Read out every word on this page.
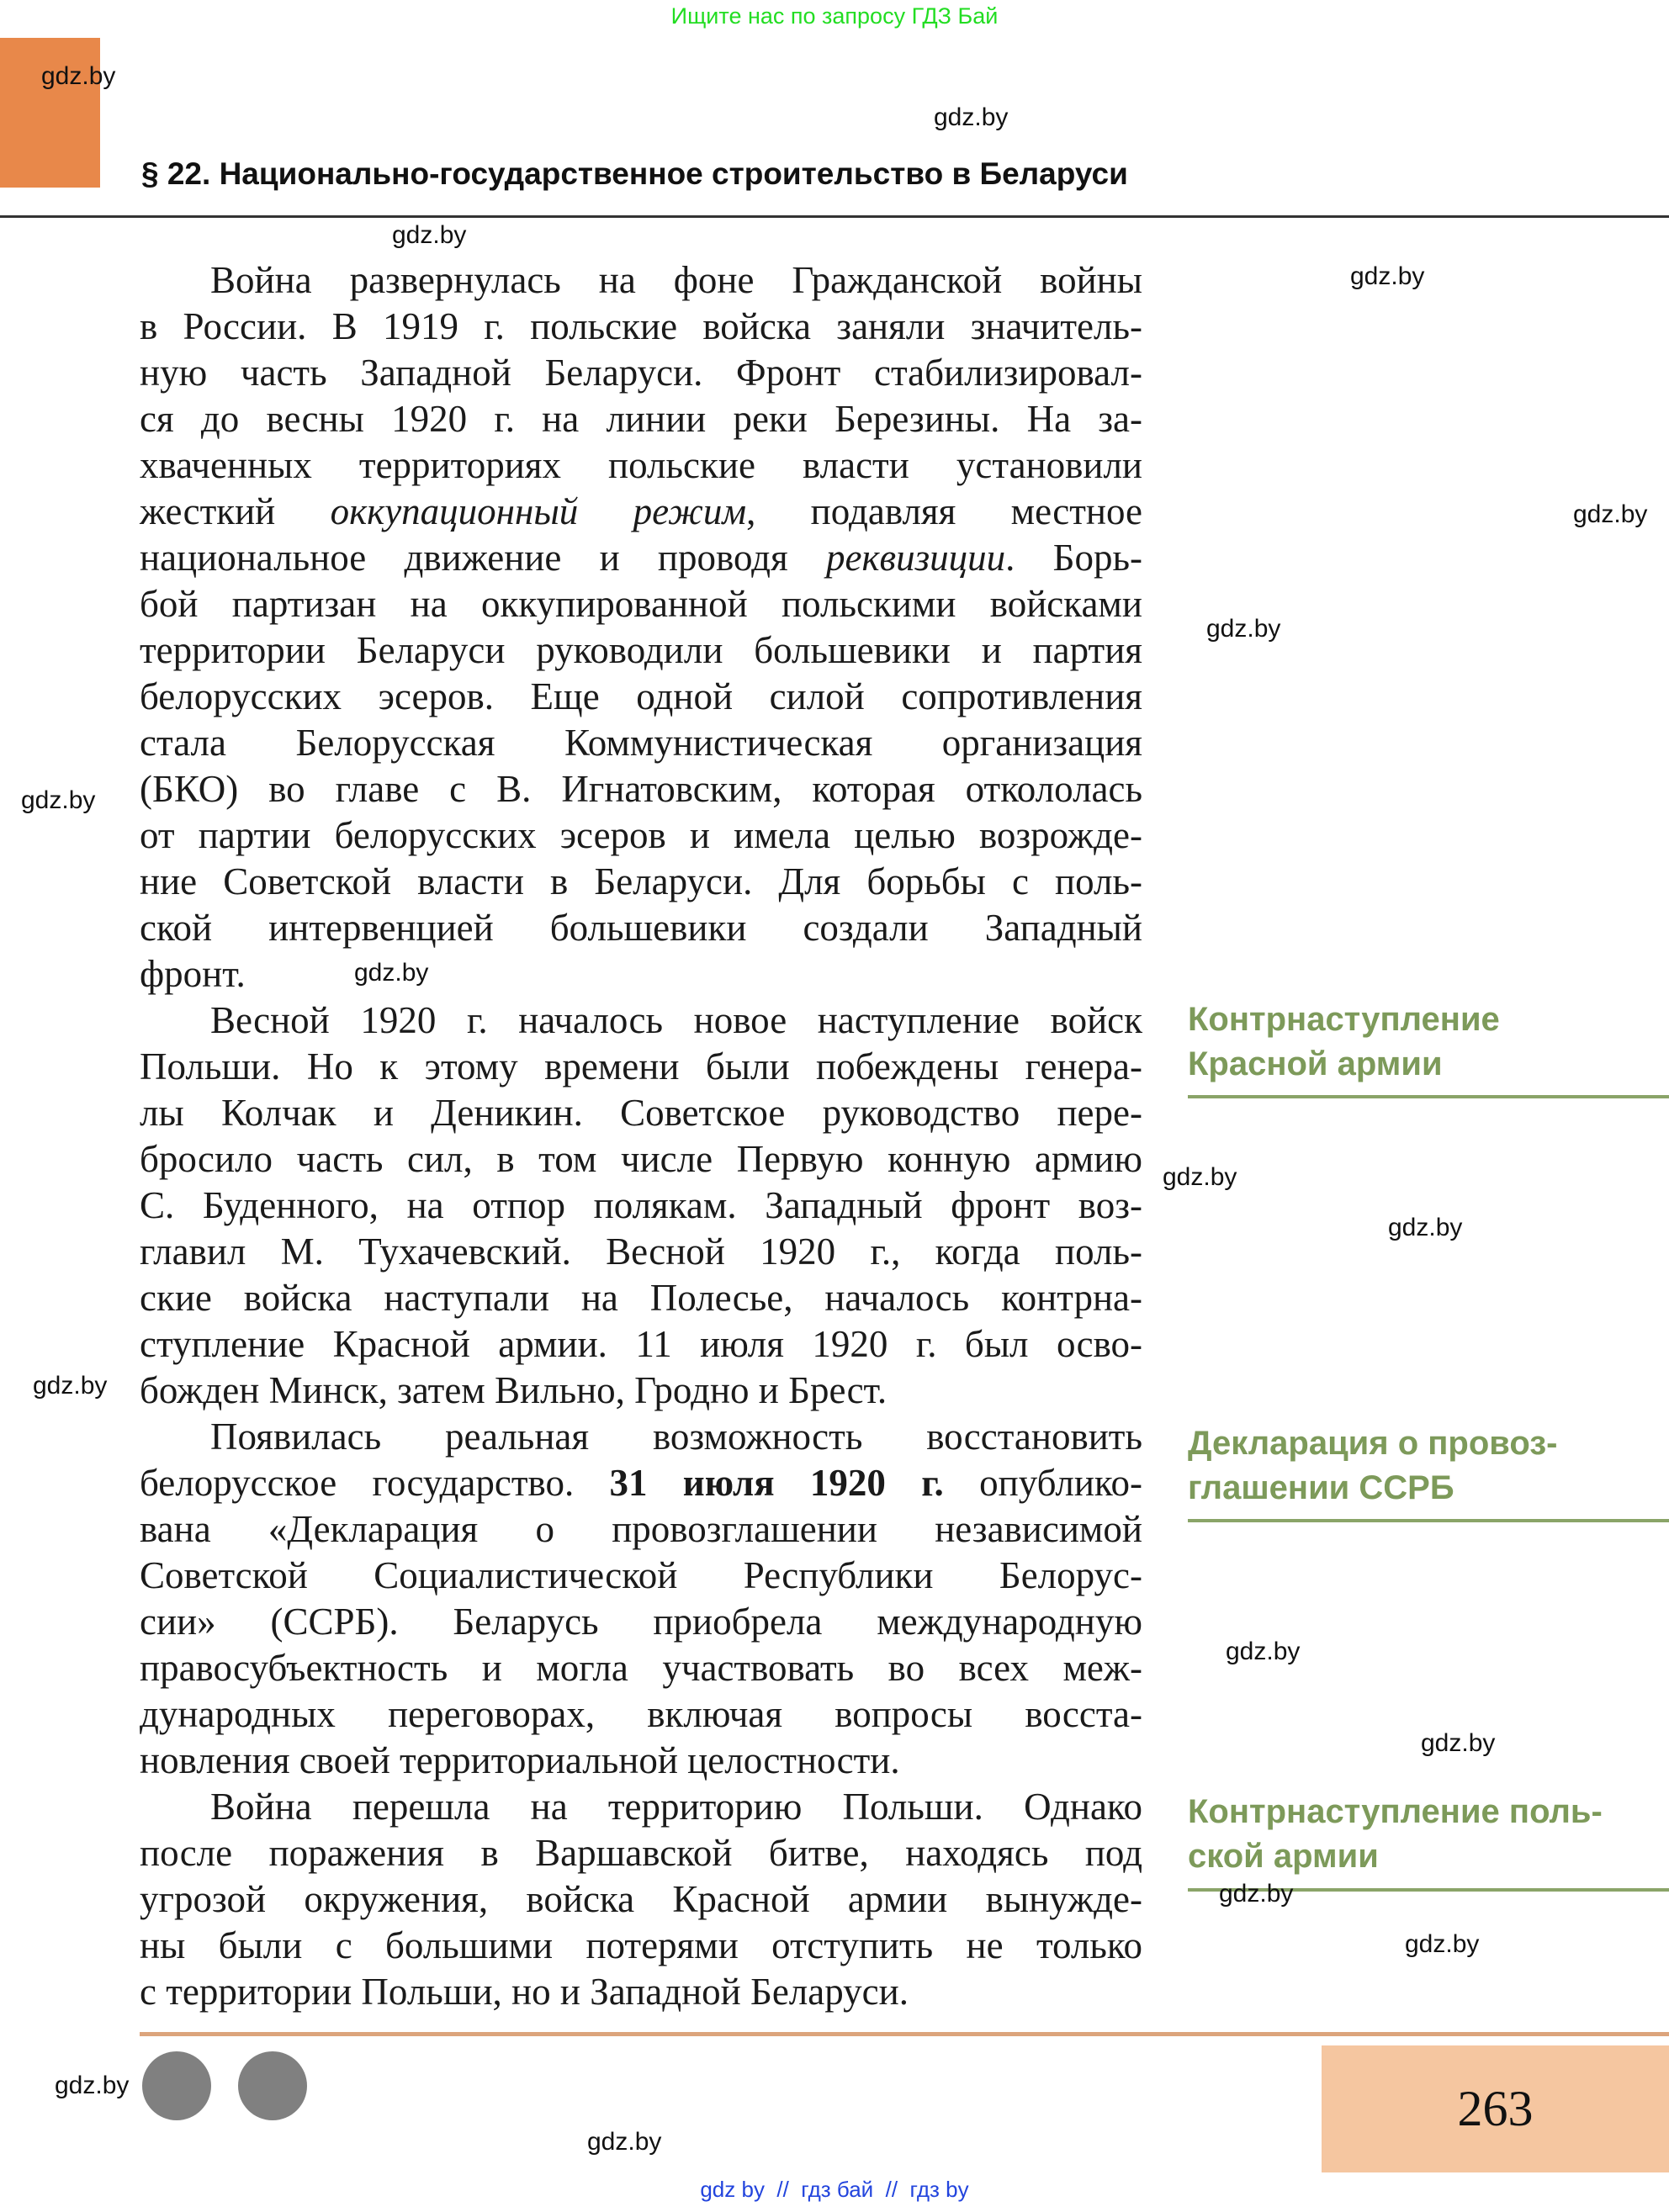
Ищите нас по запросу ГДЗ Бай
§ 22. Национально-государственное строительство в Беларуси
Война развернулась на фоне Гражданской войны
в России. В 1919 г. польские войска заняли значитель-
ную часть Западной Беларуси. Фронт стабилизировал-
ся до весны 1920 г. на линии реки Березины. На за-
хваченных территориях польские власти установили
жесткий оккупационный режим, подавляя местное
национальное движение и проводя реквизиции. Борь-
бой партизан на оккупированной польскими войсками
территории Беларуси руководили большевики и партия
белорусских эсеров. Еще одной силой сопротивления
стала Белорусская Коммунистическая организация
(БКО) во главе с В. Игнатовским, которая откололась
от партии белорусских эсеров и имела целью возрожде-
ние Советской власти в Беларуси. Для борьбы с поль-
ской интервенцией большевики создали Западный
фронт.
Весной 1920 г. началось новое наступление войск
Польши. Но к этому времени были побеждены генера-
лы Колчак и Деникин. Советское руководство пере-
бросило часть сил, в том числе Первую конную армию
С. Буденного, на отпор полякам. Западный фронт воз-
главил М. Тухачевский. Весной 1920 г., когда поль-
ские войска наступали на Полесье, началось контрна-
ступление Красной армии. 11 июля 1920 г. был осво-
божден Минск, затем Вильно, Гродно и Брест.
Появилась реальная возможность восстановить
белорусское государство. 31 июля 1920 г. опублико-
вана «Декларация о провозглашении независимой
Советской Социалистической Республики Белорус-
сии» (ССРБ). Беларусь приобрела международную
правосубъектность и могла участвовать во всех меж-
дународных переговорах, включая вопросы восста-
новления своей территориальной целостности.
Война перешла на территорию Польши. Однако
после поражения в Варшавской битве, находясь под
угрозой окружения, войска Красной армии вынужде-
ны были с большими потерями отступить не только
с территории Польши, но и Западной Беларуси.
Контрнаступление
Красной армии
Декларация о провоз-
глашении ССРБ
Контрнаступление поль-
ской армии
263
gdz.by
gdz.by
gdz.by
gdz.by
gdz.by
gdz.by
gdz.by
gdz.by
gdz.by
gdz.by
gdz.by
gdz.by
gdz.by
gdz.by
gdz.by
gdz.by
gdz.by
gdz by  //  гдз бай  //  гдз by
